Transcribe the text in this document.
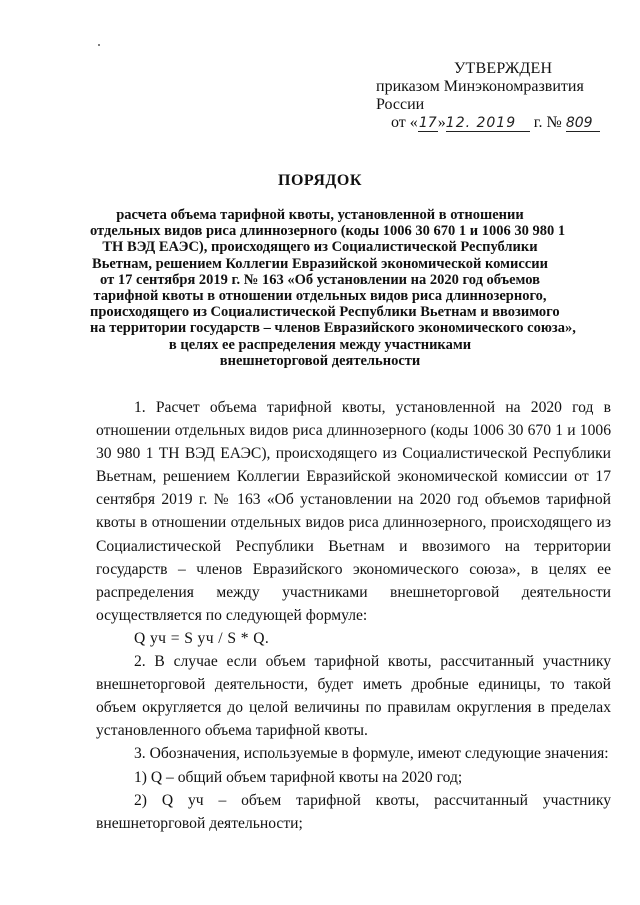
УТВЕРЖДЕН
приказом Минэкономразвития России
от «17»12. 2019 г. № 809
ПОРЯДОК
расчета объема тарифной квоты, установленной в отношении
отдельных видов риса длиннозерного (коды 1006 30 670 1 и 1006 30 980 1
ТН ВЭД ЕАЭС), происходящего из Социалистической Республики
Вьетнам, решением Коллегии Евразийской экономической комиссии
от 17 сентября 2019 г. № 163 «Об установлении на 2020 год объемов
тарифной квоты в отношении отдельных видов риса длиннозерного,
происходящего из Социалистической Республики Вьетнам и ввозимого
на территории государств – членов Евразийского экономического союза»,
в целях ее распределения между участниками
внешнеторговой деятельности

1. Расчет объема тарифной квоты, установленной на 2020 год в отношении отдельных видов риса длиннозерного (коды 1006 30 670 1 и 1006 30 980 1 ТН ВЭД ЕАЭС), происходящего из Социалистической Республики Вьетнам, решением Коллегии Евразийской экономической комиссии от 17 сентября 2019 г. № 163 «Об установлении на 2020 год объемов тарифной квоты в отношении отдельных видов риса длиннозерного, происходящего из Социалистической Республики Вьетнам и ввозимого на территории государств – членов Евразийского экономического союза», в целях ее распределения между участниками внешнеторговой деятельности осуществляется по следующей формуле:

Q уч = S уч / S * Q.

2. В случае если объем тарифной квоты, рассчитанный участнику внешнеторговой деятельности, будет иметь дробные единицы, то такой объем округляется до целой величины по правилам округления в пределах установленного объема тарифной квоты.

3. Обозначения, используемые в формуле, имеют следующие значения:

1) Q – общий объем тарифной квоты на 2020 год;

2) Q уч – объем тарифной квоты, рассчитанный участнику внешнеторговой деятельности;
